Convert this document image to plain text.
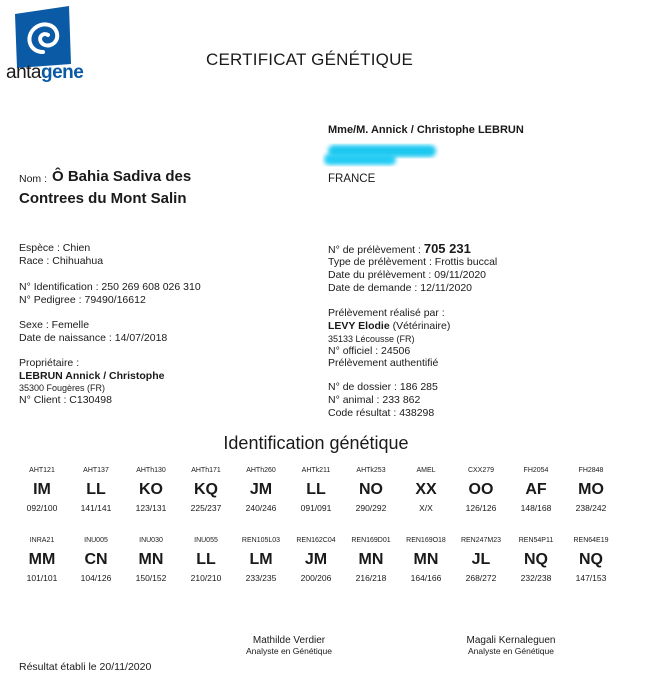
antagene
CERTIFICAT GÉNÉTIQUE
Mme/M. Annick / Christophe LEBRUN
FRANCE
Nom : Ô Bahia Sadiva des
Contrees du Mont Salin
Espèce : Chien
Race : Chihuahua
N° Identification : 250 269 608 026 310
N° Pedigree : 79490/16612
Sexe : Femelle
Date de naissance : 14/07/2018
Propriétaire :
LEBRUN Annick / Christophe
35300 Fougères (FR)
N° Client : C130498
N° de prélèvement : 705 231
Type de prélèvement : Frottis buccal
Date du prélèvement : 09/11/2020
Date de demande : 12/11/2020
Prélèvement réalisé par :
LEVY Elodie (Vétérinaire)
35133 Lécousse (FR)
N° officiel : 24506
Prélèvement authentifié
N° de dossier : 186 285
N° animal : 233 862
Code résultat : 438298
Identification génétique
AHT121
IM
092/100
AHT137
LL
141/141
AHTh130
KO
123/131
AHTh171
KQ
225/237
AHTh260
JM
240/246
AHTk211
LL
091/091
AHTk253
NO
290/292
AMEL
XX
X/X
CXX279
OO
126/126
FH2054
AF
148/168
FH2848
MO
238/242
INRA21
MM
101/101
INU005
CN
104/126
INU030
MN
150/152
INU055
LL
210/210
REN105L03
LM
233/235
REN162C04
JM
200/206
REN169D01
MN
216/218
REN169O18
MN
164/166
REN247M23
JL
268/272
REN54P11
NQ
232/238
REN64E19
NQ
147/153
Mathilde Verdier
Analyste en Génétique
Magali Kernaleguen
Analyste en Génétique
Résultat établi le 20/11/2020
